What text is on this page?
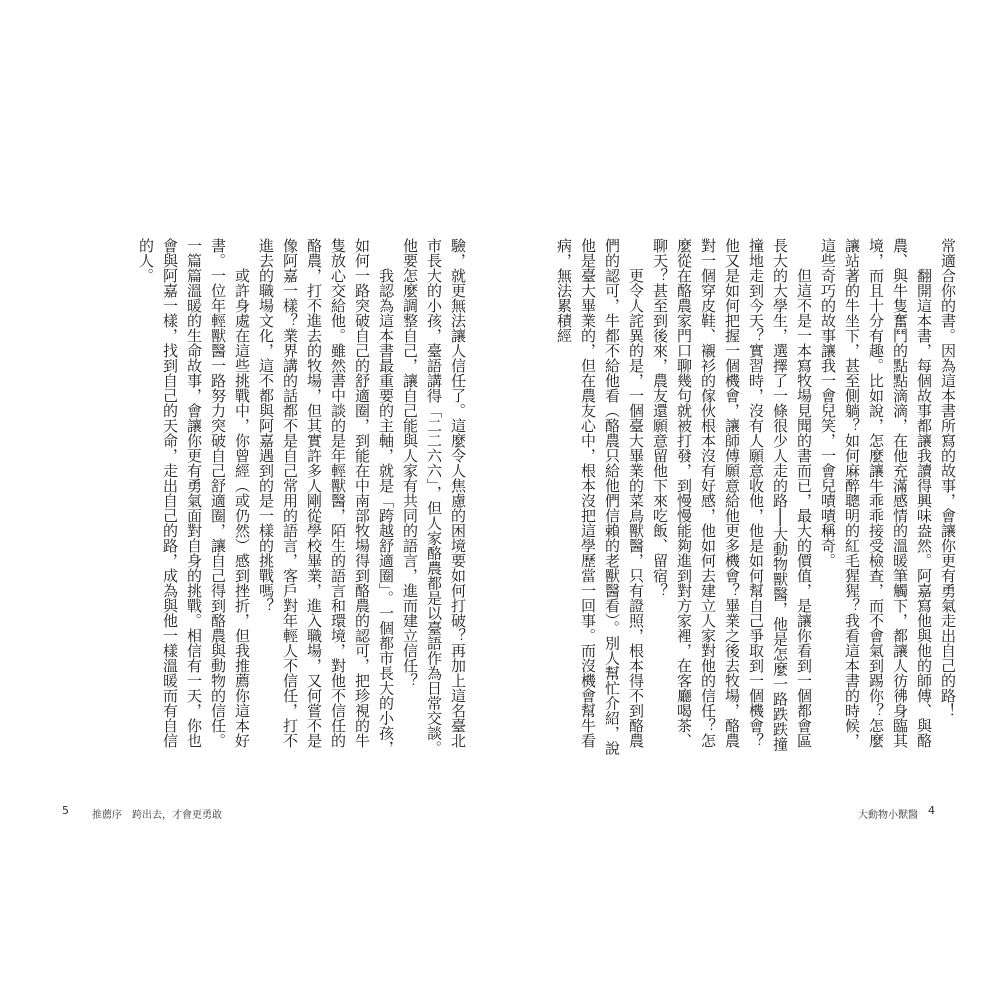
驗，就更無法讓人信任了。這麼令人焦慮的困境要如何打破？再加上這名臺北市長大的小孩，臺語講得「二二六六」，但人家酪農都是以臺語作為日常交談。他要怎麼調整自己，讓自己能與人家有共同的語言，進而建立信任？

我認為這本書最重要的主軸，就是「跨越舒適圈」。一個都市長大的小孩，如何一路突破自己的舒適圈，到能在中南部牧場得到酪農的認可，把珍視的牛隻放心交給他。雖然書中談的是年輕獸醫，陌生的語言和環境，對他不信任的酪農，打不進去的牧場，但其實許多人剛從學校畢業，進入職場，又何嘗不是像阿嘉一樣？業界講的話都不是自己常用的語言，客戶對年輕人不信任，打不進去的職場文化，這不都與阿嘉遇到的是一樣的挑戰嗎？

或許身處在這些挑戰中，你曾經（或仍然）感到挫折，但我推薦你這本好書。一位年輕獸醫一路努力突破自己舒適圈，讓自己得到酪農與動物的信任。一篇篇溫暖的生命故事，會讓你更有勇氣面對自身的挑戰。相信有一天，你也會與阿嘉一樣，找到自己的天命，走出自己的路，成為與他一樣溫暖而有自信的人。

5 推薦序　跨出去，才會更勇敢

常適合你的書。因為這本書所寫的故事，會讓你更有勇氣走出自己的路！

翻開這本書，每個故事都讓我讀得興味盎然。阿嘉寫他與他的師傅、與酪農、與牛隻奮鬥的點點滴滴，在他充滿感情的溫暖筆觸下，都讓人彷彿身臨其境，而且十分有趣。比如說，怎麼讓牛乖乖接受檢查，而不會氣到踢你？怎麼讓站著的牛坐下，甚至側躺？如何麻醉聰明的紅毛猩猩？我看這本書的時候，這些奇巧的故事讓我一會兒笑，一會兒嘖嘖稱奇。

但這不是一本寫牧場見聞的書而已，最大的價值，是讓你看到一個都會區長大的大學生，選擇了一條很少人走的路──大動物獸醫，他是怎麼一路跌跌撞撞地走到今天？實習時，沒有人願意收他，他是如何幫自己爭取到一個機會？他又是如何把握一個機會，讓師傅願意給他更多機會？畢業之後去牧場，酪農對一個穿皮鞋、襯衫的傢伙根本沒有好感，他如何去建立人家對他的信任？怎麼從在酪農家門口聊幾句就被打發，到慢慢能夠進到對方家裡，在客廳喝茶、聊天？甚至到後來，農友還願意留他下來吃飯、留宿？

更令人詫異的是，一個臺大畢業的菜鳥獸醫，只有證照，根本得不到酪農們的認可，牛都不給他看（酪農只給他們信賴的老獸醫看）。別人幫忙介紹，說他是臺大畢業的，但在農友心中，根本沒把這學歷當一回事。而沒機會幫牛看病，無法累積經

大動物小獸醫 4
